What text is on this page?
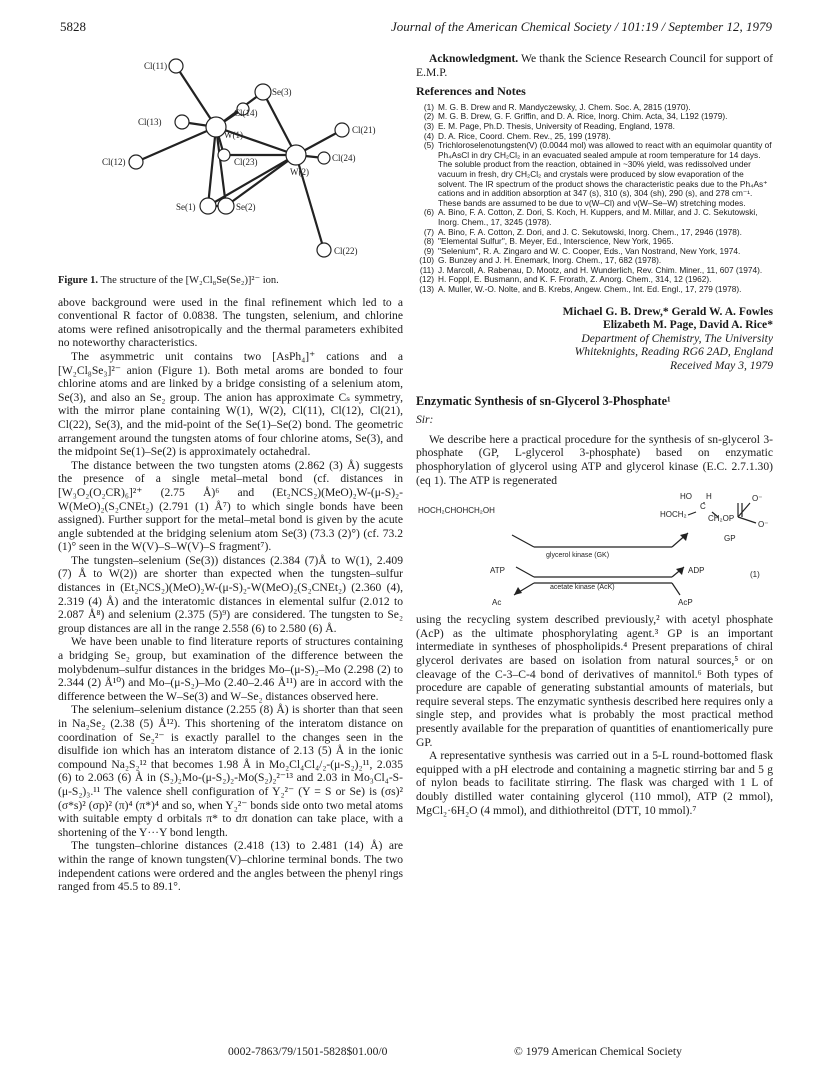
5828	Journal of the American Chemical Society / 101:19 / September 12, 1979
Cl(11)
Se(3)
Cl(14)
W(1)	Cl(21)
Cl(13)
Cl(12)	Cl(23)
W(2)
Cl(24)
Se(1)	Se(2)
Cl(22)
Figure 1. The structure of the [W₂Cl₈Se(Se₂)]²⁻ ion.

above background were used in the final refinement which led to a conventional R factor of 0.0838. The tungsten, selenium, and chlorine atoms were refined anisotropically and the thermal parameters exhibited no noteworthy characteristics.

The asymmetric unit contains two [AsPh₄]⁺ cations and a [W₂Cl₈Se₃]²⁻ anion (Figure 1). Both metal aroms are bonded to four chlorine atoms and are linked by a bridge consisting of a selenium atom, Se(3), and also an Se₂ group. The anion has approximate Cₛ symmetry, with the mirror plane containing W(1), W(2), Cl(11), Cl(12), Cl(21), Cl(22), Se(3), and the mid-point of the Se(1)–Se(2) bond. The geometric arrangement around the tungsten atoms of four chlorine atoms, Se(3), and the midpoint Se(1)–Se(2) is approximately octahedral.

The distance between the two tungsten atoms (2.862 (3) Å) suggests the presence of a single metal–metal bond (cf. distances in [W₃O₂(O₂CR)₆]²⁺ (2.75 Å)⁶ and (Et₂NCS₂)(MeO)₂W-(μ-S)₂-W(MeO)₂(S₂CNEt₂) (2.791 (1) Å⁷) to which single bonds have been assigned). Further support for the metal–metal bond is given by the acute angle subtended at the bridging selenium atom Se(3) (73.3 (2)°) (cf. 73.2 (1)° seen in the W(V)–S–W(V)–S fragment⁷).

The tungsten–selenium (Se(3)) distances (2.384 (7)Å to W(1), 2.409 (7) Å to W(2)) are shorter than expected when the tungsten–sulfur distances in (Et₂NCS₂)(MeO)₂W-(μ-S)₂-W(MeO)₂(S₂CNEt₂) (2.360 (4), 2.319 (4) Å) and the interatomic distances in elemental sulfur (2.012 to 2.087 Å⁸) and selenium (2.375 (5)⁹) are considered. The tungsten to Se₂ group distances are all in the range 2.558 (6) to 2.580 (6) Å.

We have been unable to find literature reports of structures containing a bridging Se₂ group, but examination of the difference between the molybdenum–sulfur distances in the bridges Mo–(μ-S)₂–Mo (2.298 (2) to 2.344 (2) Å¹⁰) and Mo–(μ-S₂)–Mo (2.40–2.46 Å¹¹) are in accord with the difference between the W–Se(3) and W–Se₂ distances observed here.

The selenium–selenium distance (2.255 (8) Å) is shorter than that seen in Na₂Se₂ (2.38 (5) Å¹²). This shortening of the interatom distance on coordination of Se₂²⁻ is exactly parallel to the changes seen in the disulfide ion which has an interatom distance of 2.13 (5) Å in the ionic compound Na₂S₂¹² that becomes 1.98 Å in Mo₂Cl₄Cl₄/₂-(μ-S₂)₂¹¹, 2.035 (6) to 2.063 (6) Å in (S₂)₂Mo-(μ-S₂)₂-Mo(S₂)₂²⁻¹³ and 2.03 in Mo₃Cl₄-S-(μ-S₂)₃.¹¹ The valence shell configuration of Y₂²⁻ (Y = S or Se) is (σs)² (σ*s)² (σp)² (π)⁴ (π*)⁴ and so, when Y₂²⁻ bonds side onto two metal atoms with suitable empty d orbitals π* to dπ donation can take place, with a shortening of the Y···Y bond length.

The tungsten–chlorine distances (2.418 (13) to 2.481 (14) Å) are within the range of known tungsten(V)–chlorine terminal bonds. The two independent cations were ordered and the angles between the phenyl rings ranged from 45.5 to 89.1°.

Acknowledgment. We thank the Science Research Council for support of E.M.P.

References and Notes
(1) M. G. B. Drew and R. Mandyczewsky, J. Chem. Soc. A, 2815 (1970).
(2) M. G. B. Drew, G. F. Griffin, and D. A. Rice, Inorg. Chim. Acta, 34, L192 (1979).
(3) E. M. Page, Ph.D. Thesis, University of Reading, England, 1978.
(4) D. A. Rice, Coord. Chem. Rev., 25, 199 (1978).
(5) Trichloroselenotungsten(V) (0.0044 mol) was allowed to react with an equimolar quantity of Ph₄AsCl in dry CH₂Cl₂ in an evacuated sealed ampule at room temperature for 14 days. The soluble product from the reaction, obtained in ~30% yield, was redissolved under vacuum in fresh, dry CH₂Cl₂ and crystals were produced by slow evaporation of the solvent. The IR spectrum of the product shows the characteristic peaks due to the Ph₄As⁺ cations and in addition absorption at 347 (s), 310 (s), 304 (sh), 290 (s), and 278 cm⁻¹. These bands are assumed to be due to ν(W–Cl) and ν(W–Se–W) stretching modes.
(6) A. Bino, F. A. Cotton, Z. Dori, S. Koch, H. Kuppers, and M. Millar, and J. C. Sekutowski, Inorg. Chem., 17, 3245 (1978).
(7) A. Bino, F. A. Cotton, Z. Dori, and J. C. Sekutowski, Inorg. Chem., 17, 2946 (1978).
(8) "Elemental Sulfur", B. Meyer, Ed., Interscience, New York, 1965.
(9) "Selenium", R. A. Zingaro and W. C. Cooper, Eds., Van Nostrand, New York, 1974.
(10) G. Bunzey and J. H. Enemark, Inorg. Chem., 17, 682 (1978).
(11) J. Marcoll, A. Rabenau, D. Mootz, and H. Wunderlich, Rev. Chim. Miner., 11, 607 (1974).
(12) H. Foppl, E. Busmann, and K. F. Frorath, Z. Anorg. Chem., 314, 12 (1962).
(13) A. Muller, W.-O. Nolte, and B. Krebs, Angew. Chem., Int. Ed. Engl., 17, 279 (1978).
Michael G. B. Drew,* Gerald W. A. Fowles
Elizabeth M. Page, David A. Rice*
Department of Chemistry, The University
Whiteknights, Reading RG6 2AD, England
Received May 3, 1979
Enzymatic Synthesis of sn-Glycerol 3-Phosphate¹
Sir:

We describe here a practical procedure for the synthesis of sn-glycerol 3-phosphate (GP, L-glycerol 3-phosphate) based on enzymatic phosphorylation of glycerol using ATP and glycerol kinase (E.C. 2.7.1.30) (eq 1). The ATP is regenerated

HOCH₂CHOHCH₂OH
HO H
C
HOCH₂	CH₂OP
O⁻
O⁻
GP
glycerol kinase (GK)
ATP	ADP	(1)
acetate kinase (AcK)
Ac	AcP

using the recycling system described previously,² with acetyl phosphate (AcP) as the ultimate phosphorylating agent.³ GP is an important intermediate in syntheses of phospholipids.⁴ Present preparations of chiral glycerol derivates are based on isolation from natural sources,⁵ or on cleavage of the C-3–C-4 bond of derivatives of mannitol.⁶ Both types of procedure are capable of generating substantial amounts of materials, but require several steps. The enzymatic synthesis described here requires only a single step, and provides what is probably the most practical method presently available for the preparation of quantities of enantiomerically pure GP.

A representative synthesis was carried out in a 5-L round-bottomed flask equipped with a pH electrode and containing a magnetic stirring bar and 5 g of nylon beads to facilitate stirring. The flask was charged with 1 L of doubly distilled water containing glycerol (110 mmol), ATP (2 mmol), MgCl₂·6H₂O (4 mmol), and dithiothreitol (DTT, 10 mmol).⁷

0002-7863/79/1501-5828$01.00/0	© 1979 American Chemical Society
